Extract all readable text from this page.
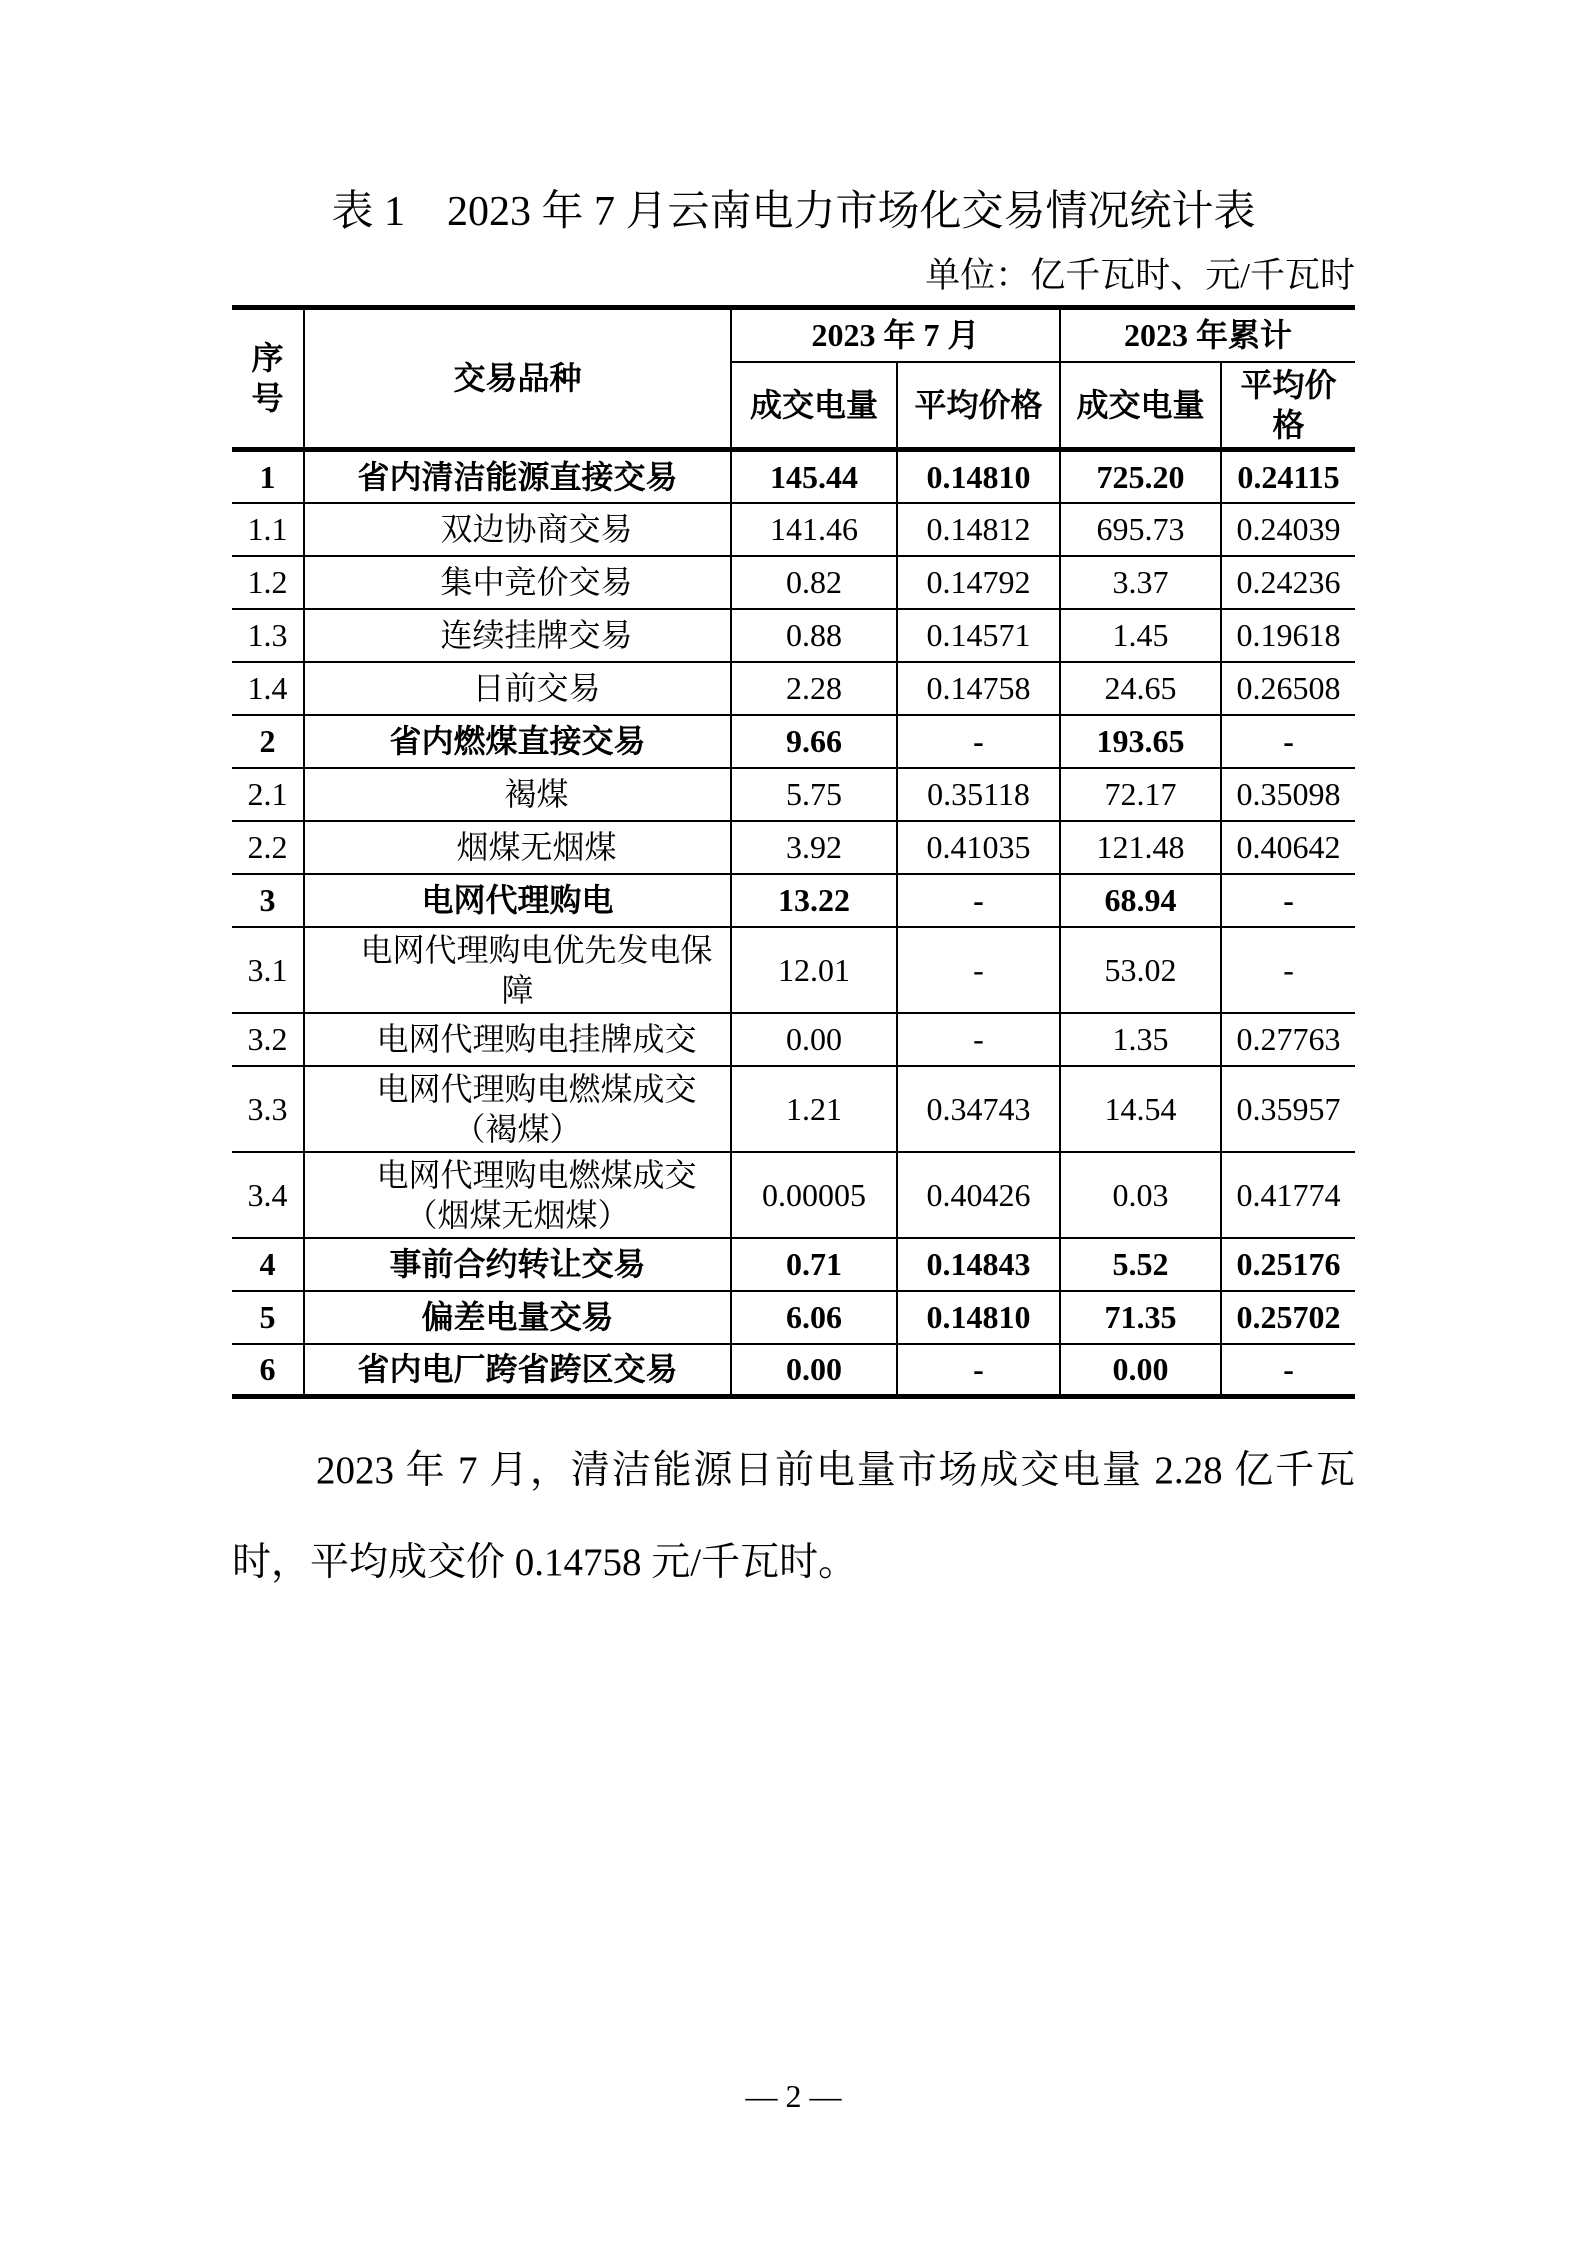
表 1　2023 年 7 月云南电力市场化交易情况统计表
单位：亿千瓦时、元/千瓦时
序号	交易品种	2023 年 7 月		2023 年累计	
		成交电量	平均价格	成交电量	平均价格
1	省内清洁能源直接交易	145.44	0.14810	725.20	0.24115
1.1	双边协商交易	141.46	0.14812	695.73	0.24039
1.2	集中竞价交易	0.82	0.14792	3.37	0.24236
1.3	连续挂牌交易	0.88	0.14571	1.45	0.19618
1.4	日前交易	2.28	0.14758	24.65	0.26508
2	省内燃煤直接交易	9.66	-	193.65	-
2.1	褐煤	5.75	0.35118	72.17	0.35098
2.2	烟煤无烟煤	3.92	0.41035	121.48	0.40642
3	电网代理购电	13.22	-	68.94	-
3.1	电网代理购电优先发电保障	12.01	-	53.02	-
3.2	电网代理购电挂牌成交	0.00	-	1.35	0.27763
3.3	电网代理购电燃煤成交（褐煤）	1.21	0.34743	14.54	0.35957
3.4	电网代理购电燃煤成交（烟煤无烟煤）	0.00005	0.40426	0.03	0.41774
4	事前合约转让交易	0.71	0.14843	5.52	0.25176
5	偏差电量交易	6.06	0.14810	71.35	0.25702
6	省内电厂跨省跨区交易	0.00	-	0.00	-

2023 年 7 月，清洁能源日前电量市场成交电量 2.28 亿千瓦时，平均成交价 0.14758 元/千瓦时。

— 2 —
